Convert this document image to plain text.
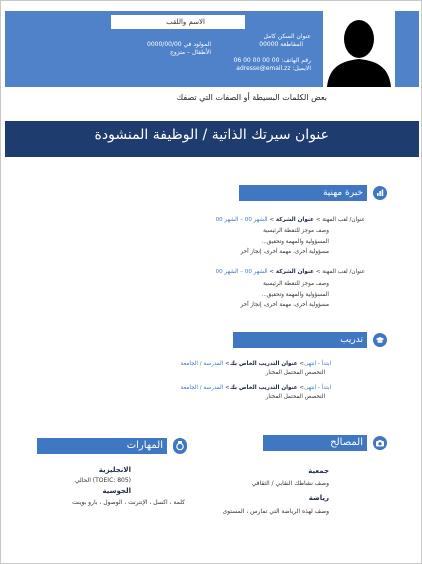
الاسم واللقب
عنوان السكن كامل
المقاطعة 00000
رقم الهاتف: 00 00 00 00 06
الايميل: adresse@email.zz
المولود في 0000/00/00
الأطفال – متزوج
بعض الكلمات البسيطة أو الصفات التي تصفك
عنوان سيرتك الذاتية / الوظيفة المنشودة
خبرة مهنية
عنوان/ لقب المهنة > عنوان الشركة > الشهر 00 – الشهر 00
وصف موجز للنقطة الرئيسية
المسؤولية والمهمة وتحقيق...
مسؤولية أخرى، مهمة أخرى، إنجاز آخر
عنوان/ لقب المهنة > عنوان الشركة > الشهر 00 – الشهر 00
وصف موجز للنقطة الرئيسية
المسؤولية والمهمة وتحقيق...
مسؤولية أخرى، مهمة أخرى، إنجاز آخر
تدريب
ابتدأ - انتهى> عنوان التدريب الخاص بك> المدرسة / الجامعة
التخصص المحتمل المختار
ابتدأ - انتهى> عنوان التدريب الخاص بك> المدرسة / الجامعة
التخصص المحتمل المختار
المهارات
الانجليزية
(TOEIC: 805) الحالي
الجوسية
كلمة ، اكسل ، الإنترنت ، الوصول ، بارو بوينت
المصالح
جمعية
وصف نشاطك النقابي / الثقافي
رياضة
وصف لهذه الرياضة التي تمارس ، المستوى
